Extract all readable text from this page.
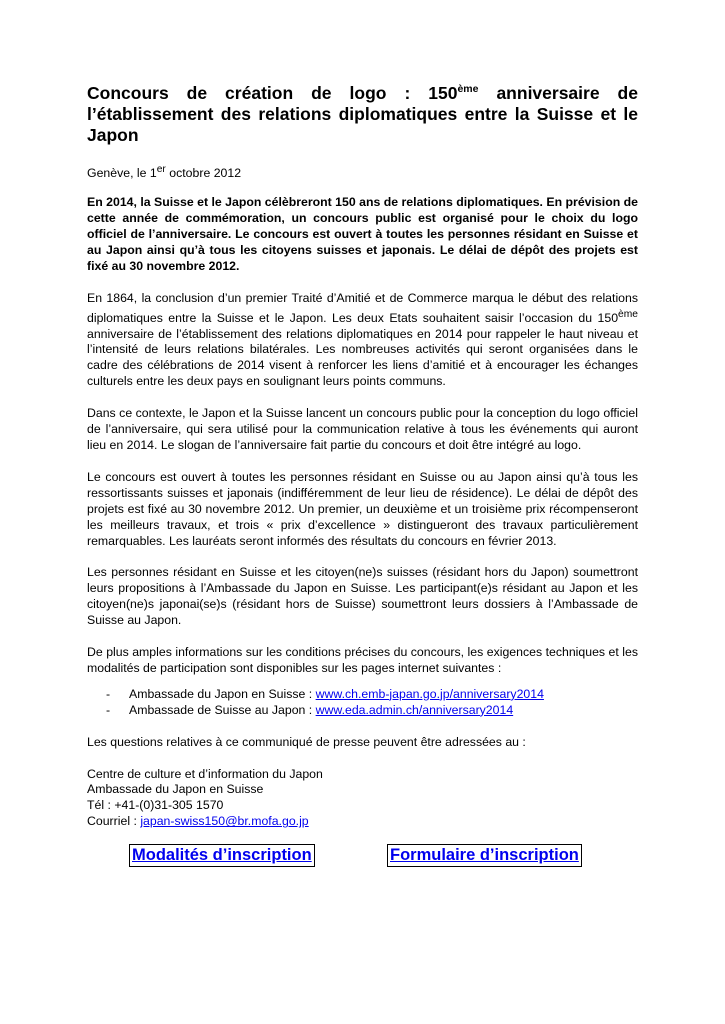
Concours de création de logo : 150ème anniversaire de l’établissement des relations diplomatiques entre la Suisse et le Japon

Genève, le 1er octobre 2012

En 2014, la Suisse et le Japon célèbreront 150 ans de relations diplomatiques. En prévision de cette année de commémoration, un concours public est organisé pour le choix du logo officiel de l’anniversaire. Le concours est ouvert à toutes les personnes résidant en Suisse et au Japon ainsi qu’à tous les citoyens suisses et japonais. Le délai de dépôt des projets est fixé au 30 novembre 2012.

En 1864, la conclusion d’un premier Traité d’Amitié et de Commerce marqua le début des relations diplomatiques entre la Suisse et le Japon. Les deux Etats souhaitent saisir l’occasion du 150ème anniversaire de l’établissement des relations diplomatiques en 2014 pour rappeler le haut niveau et l’intensité de leurs relations bilatérales. Les nombreuses activités qui seront organisées dans le cadre des célébrations de 2014 visent à renforcer les liens d’amitié et à encourager les échanges culturels entre les deux pays en soulignant leurs points communs.

Dans ce contexte, le Japon et la Suisse lancent un concours public pour la conception du logo officiel de l’anniversaire, qui sera utilisé pour la communication relative à tous les événements qui auront lieu en 2014. Le slogan de l’anniversaire fait partie du concours et doit être intégré au logo.

Le concours est ouvert à toutes les personnes résidant en Suisse ou au Japon ainsi qu’à tous les ressortissants suisses et japonais (indifféremment de leur lieu de résidence). Le délai de dépôt des projets est fixé au 30 novembre 2012. Un premier, un deuxième et un troisième prix récompenseront les meilleurs travaux, et trois « prix d’excellence » distingueront des travaux particulièrement remarquables. Les lauréats seront informés des résultats du concours en février 2013.

Les personnes résidant en Suisse et les citoyen(ne)s suisses (résidant hors du Japon) soumettront leurs propositions à l’Ambassade du Japon en Suisse. Les participant(e)s résidant au Japon et les citoyen(ne)s japonai(se)s (résidant hors de Suisse) soumettront leurs dossiers à l’Ambassade de Suisse au Japon.

De plus amples informations sur les conditions précises du concours, les exigences techniques et les modalités de participation sont disponibles sur les pages internet suivantes :

- Ambassade du Japon en Suisse : www.ch.emb-japan.go.jp/anniversary2014
- Ambassade de Suisse au Japon : www.eda.admin.ch/anniversary2014

Les questions relatives à ce communiqué de presse peuvent être adressées au :

Centre de culture et d’information du Japon
Ambassade du Japon en Suisse
Tél : +41-(0)31-305 1570
Courriel : japan-swiss150@br.mofa.go.jp
Modalités d’inscription	Formulaire d’inscription
